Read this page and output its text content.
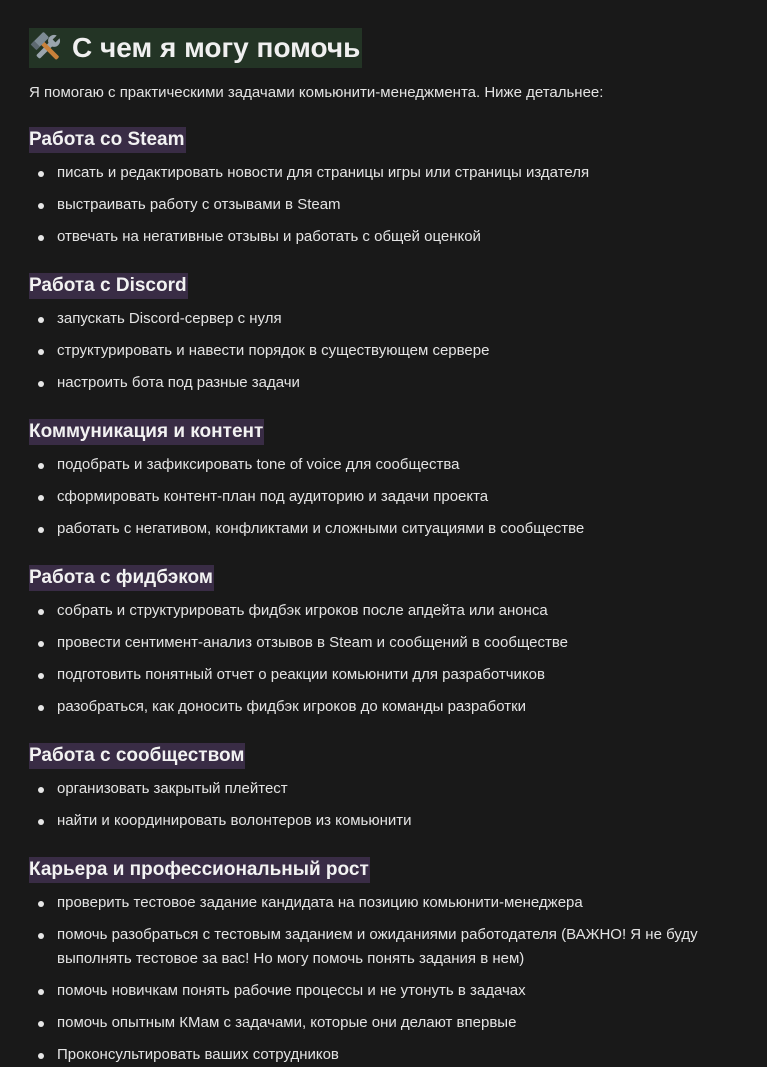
С чем я могу помочь

Я помогаю с практическими задачами комьюнити-менеджмента. Ниже детальнее:

Работа со Steam
писать и редактировать новости для страницы игры или страницы издателя
выстраивать работу с отзывами в Steam
отвечать на негативные отзывы и работать с общей оценкой
Работа с Discord
запускать Discord-сервер с нуля
структурировать и навести порядок в существующем сервере
настроить бота под разные задачи
Коммуникация и контент
подобрать и зафиксировать tone of voice для сообщества
сформировать контент-план под аудиторию и задачи проекта
работать с негативом, конфликтами и сложными ситуациями в сообществе
Работа с фидбэком
собрать и структурировать фидбэк игроков после апдейта или анонса
провести сентимент-анализ отзывов в Steam и сообщений в сообществе
подготовить понятный отчет о реакции комьюнити для разработчиков
разобраться, как доносить фидбэк игроков до команды разработки
Работа с сообществом
организовать закрытый плейтест
найти и координировать волонтеров из комьюнити
Карьера и профессиональный рост
проверить тестовое задание кандидата на позицию комьюнити-менеджера
помочь разобраться с тестовым заданием и ожиданиями работодателя (ВАЖНО! Я не буду выполнять тестовое за вас! Но могу помочь понять задания в нем)
помочь новичкам понять рабочие процессы и не утонуть в задачах
помочь опытным КМам с задачами, которые они делают впервые
Проконсультировать ваших сотрудников
